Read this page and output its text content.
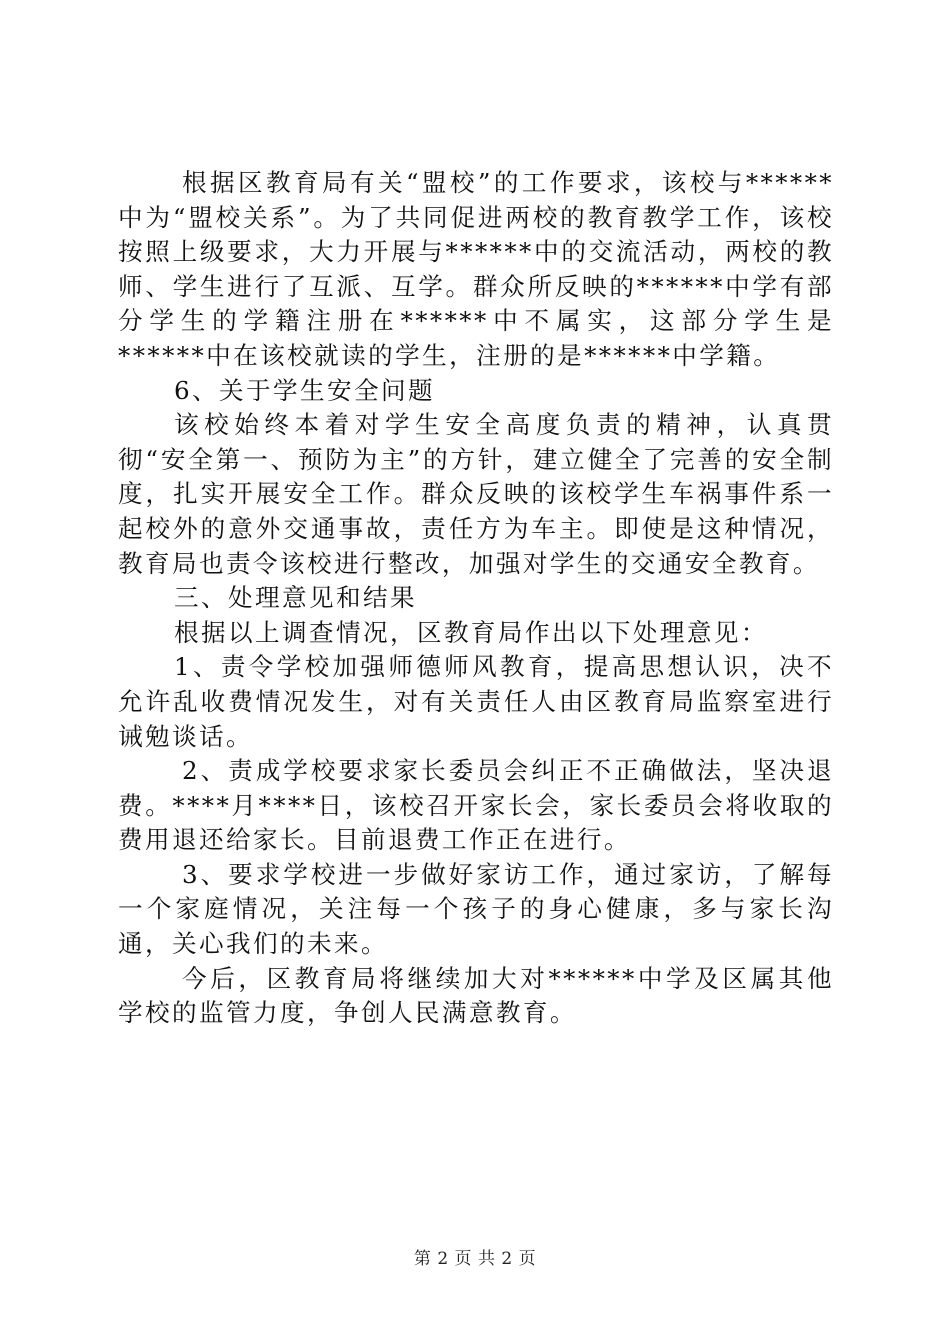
根据区教育局有关“盟校”的工作要求，该校与******中为“盟校关系”。为了共同促进两校的教育教学工作，该校按照上级要求，大力开展与******中的交流活动，两校的教师、学生进行了互派、互学。群众所反映的******中学有部分学生的学籍注册在******中不属实，这部分学生是******中在该校就读的学生，注册的是******中学籍。

6、关于学生安全问题

该校始终本着对学生安全高度负责的精神，认真贯彻“安全第一、预防为主”的方针，建立健全了完善的安全制度，扎实开展安全工作。群众反映的该校学生车祸事件系一起校外的意外交通事故，责任方为车主。即使是这种情况，教育局也责令该校进行整改，加强对学生的交通安全教育。

三、处理意见和结果

根据以上调查情况，区教育局作出以下处理意见：

1、责令学校加强师德师风教育，提高思想认识，决不允许乱收费情况发生，对有关责任人由区教育局监察室进行诫勉谈话。

2、责成学校要求家长委员会纠正不正确做法，坚决退费。****月****日，该校召开家长会，家长委员会将收取的费用退还给家长。目前退费工作正在进行。

3、要求学校进一步做好家访工作，通过家访，了解每一个家庭情况，关注每一个孩子的身心健康，多与家长沟通，关心我们的未来。

今后，区教育局将继续加大对******中学及区属其他学校的监管力度，争创人民满意教育。

第 2 页 共 2 页
